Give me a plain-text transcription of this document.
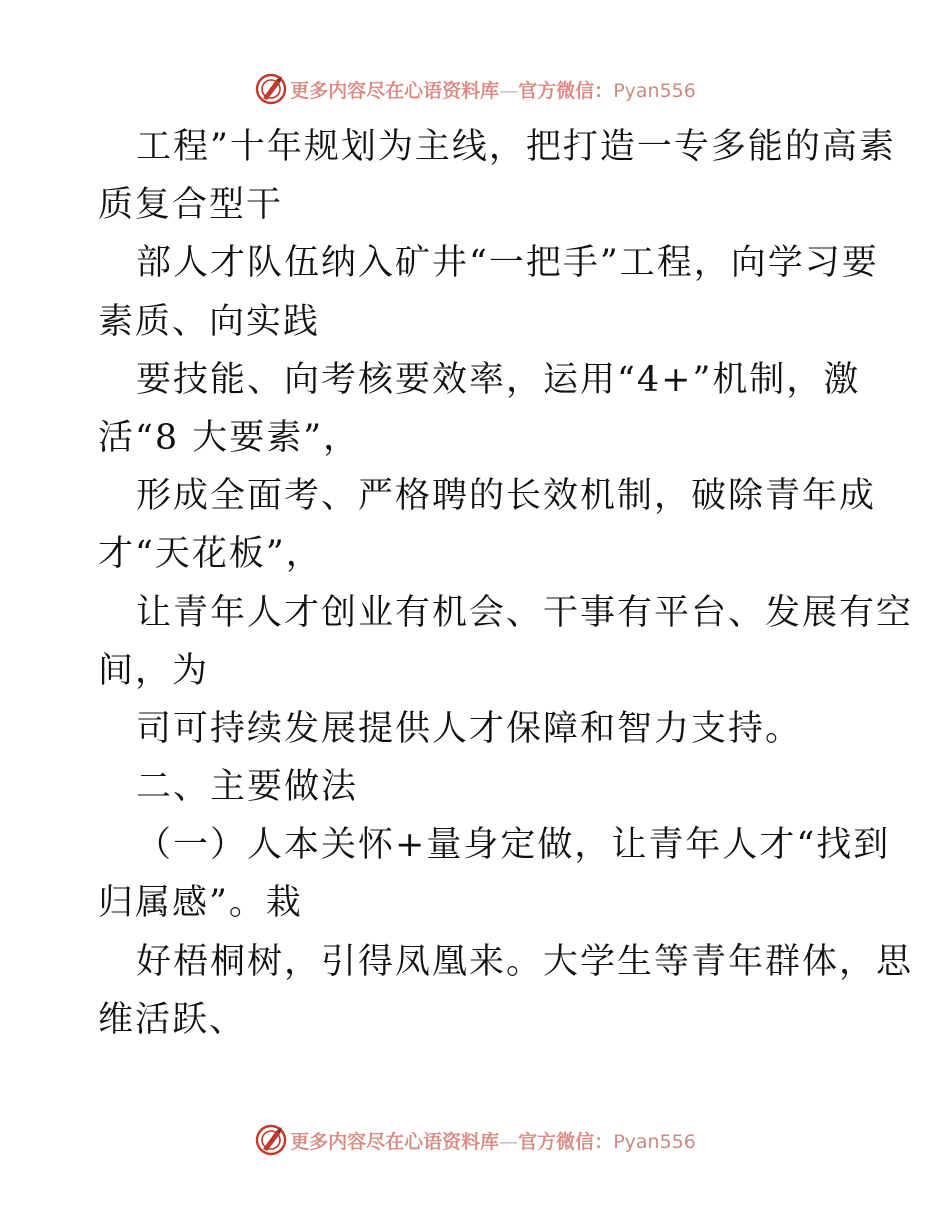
更多内容尽在心语资料库—官方微信：Pyan556
工程”十年规划为主线，把打造一专多能的高素
质复合型干
部人才队伍纳入矿井“一把手”工程，向学习要
素质、向实践
要技能、向考核要效率，运用“4+”机制，激
活“8 大要素”，
形成全面考、严格聘的长效机制，破除青年成
才“天花板”，
让青年人才创业有机会、干事有平台、发展有空
间，为
司可持续发展提供人才保障和智力支持。
二、主要做法
（一）人本关怀+量身定做，让青年人才“找到
归属感”。栽
好梧桐树，引得凤凰来。大学生等青年群体，思
维活跃、
更多内容尽在心语资料库—官方微信：Pyan556
